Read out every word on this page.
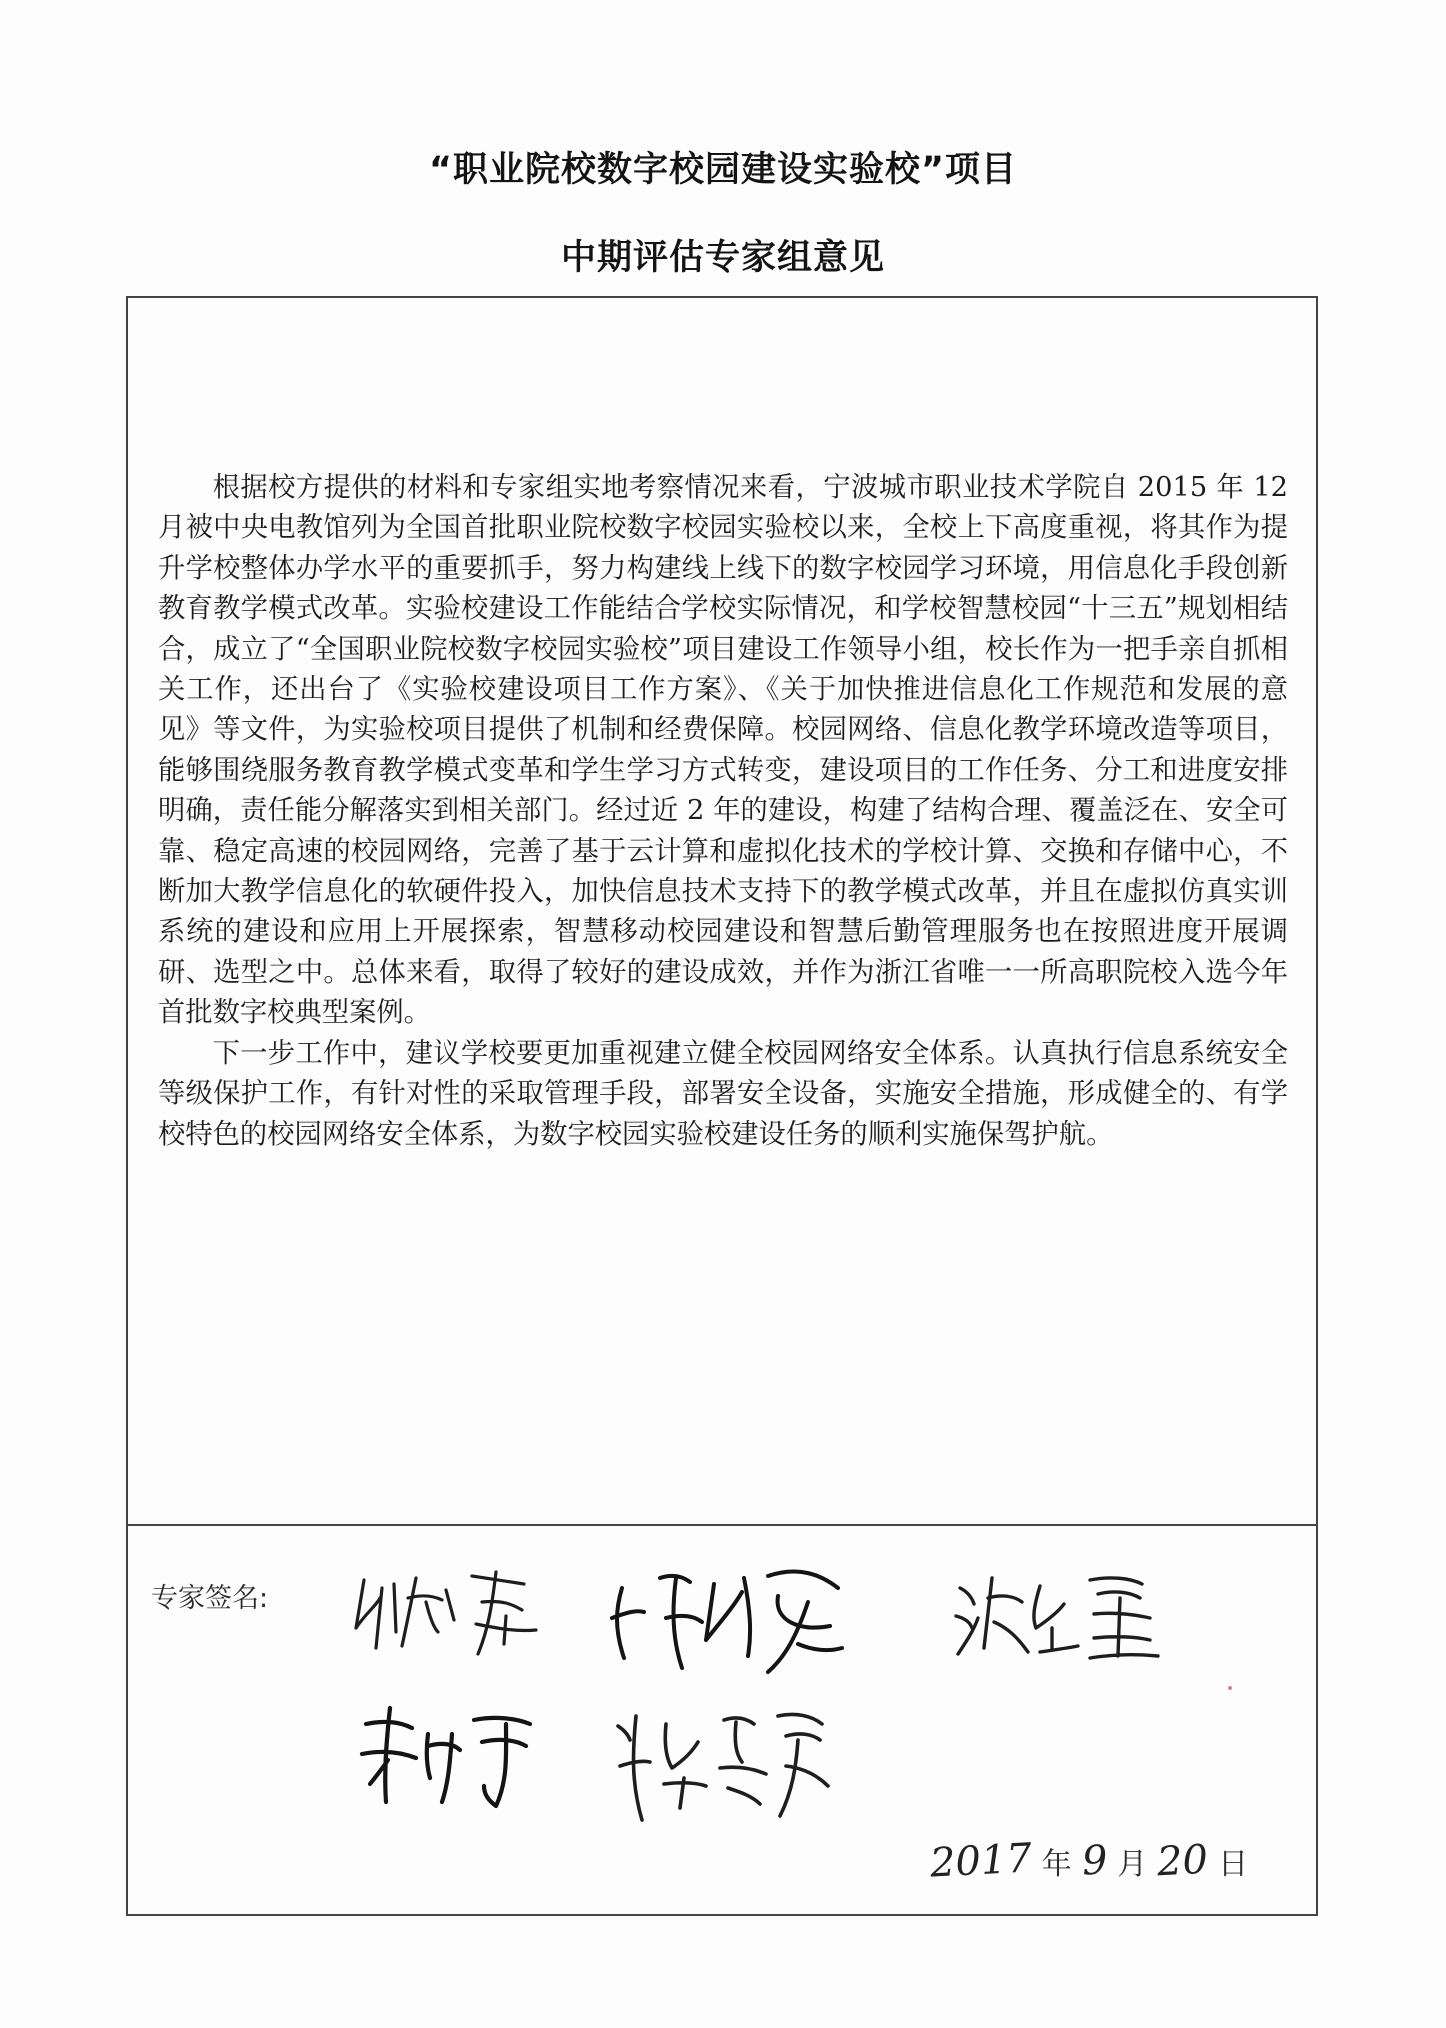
“职业院校数字校园建设实验校”项目
中期评估专家组意见

根据校方提供的材料和专家组实地考察情况来看，宁波城市职业技术学院自 2015 年 12 月被中央电教馆列为全国首批职业院校数字校园实验校以来，全校上下高度重视，将其作为提升学校整体办学水平的重要抓手，努力构建线上线下的数字校园学习环境，用信息化手段创新教育教学模式改革。实验校建设工作能结合学校实际情况，和学校智慧校园“十三五”规划相结合，成立了“全国职业院校数字校园实验校”项目建设工作领导小组，校长作为一把手亲自抓相关工作，还出台了《实验校建设项目工作方案》、《关于加快推进信息化工作规范和发展的意见》等文件，为实验校项目提供了机制和经费保障。校园网络、信息化教学环境改造等项目，能够围绕服务教育教学模式变革和学生学习方式转变，建设项目的工作任务、分工和进度安排明确，责任能分解落实到相关部门。经过近 2 年的建设，构建了结构合理、覆盖泛在、安全可靠、稳定高速的校园网络，完善了基于云计算和虚拟化技术的学校计算、交换和存储中心，不断加大教学信息化的软硬件投入，加快信息技术支持下的教学模式改革，并且在虚拟仿真实训系统的建设和应用上开展探索，智慧移动校园建设和智慧后勤管理服务也在按照进度开展调研、选型之中。总体来看，取得了较好的建设成效，并作为浙江省唯一一所高职院校入选今年首批数字校典型案例。

下一步工作中，建议学校要更加重视建立健全校园网络安全体系。认真执行信息系统安全等级保护工作，有针对性的采取管理手段，部署安全设备，实施安全措施，形成健全的、有学校特色的校园网络安全体系，为数字校园实验校建设任务的顺利实施保驾护航。

专家签名:
2017 年 9 月 20 日
